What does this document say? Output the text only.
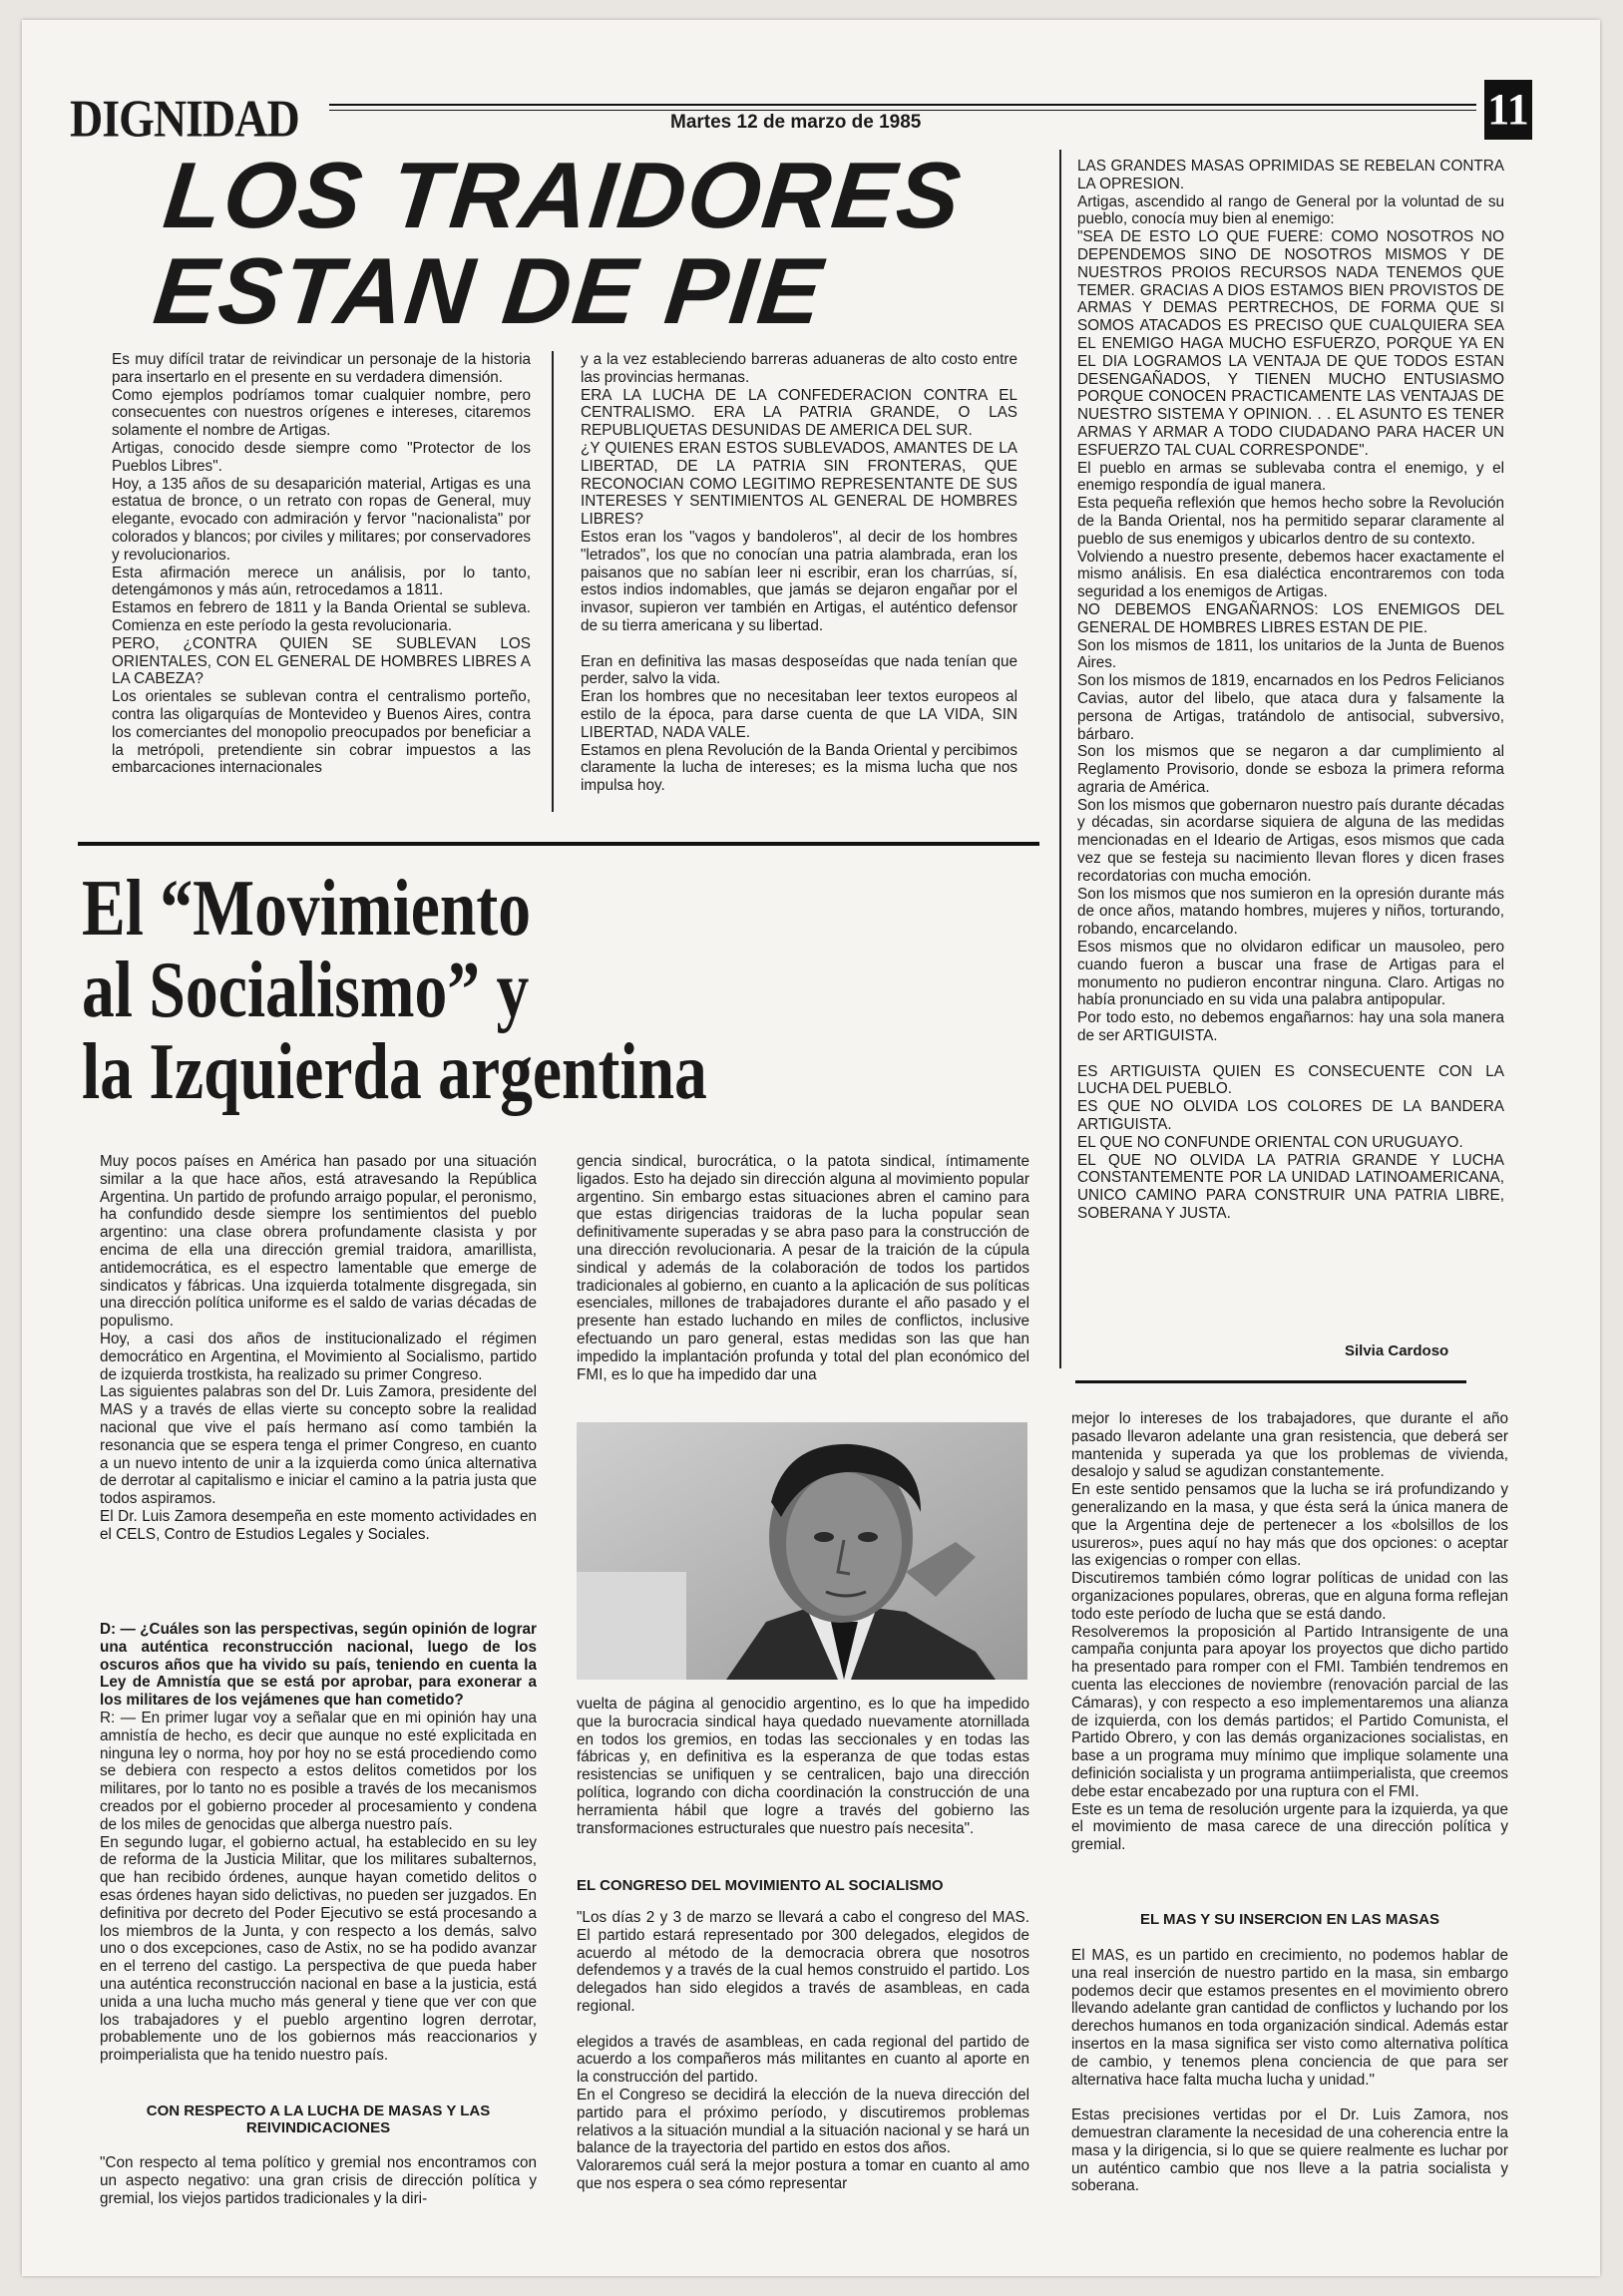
DIGNIDAD	Martes 12 de marzo de 1985	11
LOS TRAIDORES
ESTAN DE PIE
Es muy difícil tratar de reivindicar un personaje de la historia para insertarlo en el presente en su verdadera dimensión.
Como ejemplos podríamos tomar cualquier nombre, pero consecuentes con nuestros orígenes e intereses, citaremos solamente el nombre de Artigas.
Artigas, conocido desde siempre como "Protector de los Pueblos Libres".
Hoy, a 135 años de su desaparición material, Artigas es una estatua de bronce, o un retrato con ropas de General, muy elegante, evocado con admiración y fervor "nacionalista" por colorados y blancos; por civiles y militares; por conservadores y revolucionarios.
Esta afirmación merece un análisis, por lo tanto, detengámonos y más aún, retrocedamos a 1811.
Estamos en febrero de 1811 y la Banda Oriental se subleva. Comienza en este período la gesta revolucionaria.
PERO, ¿CONTRA QUIEN SE SUBLEVAN LOS ORIENTALES, CON EL GENERAL DE HOMBRES LIBRES A LA CABEZA?
Los orientales se sublevan contra el centralismo porteño, contra las oligarquías de Montevideo y Buenos Aires, contra los comerciantes del monopolio preocupados por beneficiar a la metrópoli, pretendiente sin cobrar impuestos a las embarcaciones internacionales
y a la vez estableciendo barreras aduaneras de alto costo entre las provincias hermanas.
ERA LA LUCHA DE LA CONFEDERACION CONTRA EL CENTRALISMO. ERA LA PATRIA GRANDE, O LAS REPUBLIQUETAS DESUNIDAS DE AMERICA DEL SUR.
¿Y QUIENES ERAN ESTOS SUBLEVADOS, AMANTES DE LA LIBERTAD, DE LA PATRIA SIN FRONTERAS, QUE RECONOCIAN COMO LEGITIMO REPRESENTANTE DE SUS INTERESES Y SENTIMIENTOS AL GENERAL DE HOMBRES LIBRES?
Estos eran los "vagos y bandoleros", al decir de los hombres "letrados", los que no conocían una patria alambrada, eran los paisanos que no sabían leer ni escribir, eran los charrúas, sí, estos indios indomables, que jamás se dejaron engañar por el invasor, supieron ver también en Artigas, el auténtico defensor de su tierra americana y su libertad.

Eran en definitiva las masas desposeídas que nada tenían que perder, salvo la vida.
Eran los hombres que no necesitaban leer textos europeos al estilo de la época, para darse cuenta de que LA VIDA, SIN LIBERTAD, NADA VALE.
Estamos en plena Revolución de la Banda Oriental y percibimos claramente la lucha de intereses; es la misma lucha que nos impulsa hoy.
LAS GRANDES MASAS OPRIMIDAS SE REBELAN CONTRA LA OPRESION.
Artigas, ascendido al rango de General por la voluntad de su pueblo, conocía muy bien al enemigo:
"SEA DE ESTO LO QUE FUERE: COMO NOSOTROS NO DEPENDEMOS SINO DE NOSOTROS MISMOS Y DE NUESTROS PROIOS RECURSOS NADA TENEMOS QUE TEMER. GRACIAS A DIOS ESTAMOS BIEN PROVISTOS DE ARMAS Y DEMAS PERTRECHOS, DE FORMA QUE SI SOMOS ATACADOS ES PRECISO QUE CUALQUIERA SEA EL ENEMIGO HAGA MUCHO ESFUERZO, PORQUE YA EN EL DIA LOGRAMOS LA VENTAJA DE QUE TODOS ESTAN DESENGAÑADOS, Y TIENEN MUCHO ENTUSIASMO PORQUE CONOCEN PRACTICAMENTE LAS VENTAJAS DE NUESTRO SISTEMA Y OPINION. . . EL ASUNTO ES TENER ARMAS Y ARMAR A TODO CIUDADANO PARA HACER UN ESFUERZO TAL CUAL CORRESPONDE".
El pueblo en armas se sublevaba contra el enemigo, y el enemigo respondía de igual manera.
Esta pequeña reflexión que hemos hecho sobre la Revolución de la Banda Oriental, nos ha permitido separar claramente al pueblo de sus enemigos y ubicarlos dentro de su contexto.
Volviendo a nuestro presente, debemos hacer exactamente el mismo análisis. En esa dialéctica encontraremos con toda seguridad a los enemigos de Artigas.
NO DEBEMOS ENGAÑARNOS: LOS ENEMIGOS DEL GENERAL DE HOMBRES LIBRES ESTAN DE PIE.
Son los mismos de 1811, los unitarios de la Junta de Buenos Aires.
Son los mismos de 1819, encarnados en los Pedros Felicianos Cavias, autor del libelo, que ataca dura y falsamente la persona de Artigas, tratándolo de antisocial, subversivo, bárbaro.
Son los mismos que se negaron a dar cumplimiento al Reglamento Provisorio, donde se esboza la primera reforma agraria de América.
Son los mismos que gobernaron nuestro país durante décadas y décadas, sin acordarse siquiera de alguna de las medidas mencionadas en el Ideario de Artigas, esos mismos que cada vez que se festeja su nacimiento llevan flores y dicen frases recordatorias con mucha emoción.
Son los mismos que nos sumieron en la opresión durante más de once años, matando hombres, mujeres y niños, torturando, robando, encarcelando.
Esos mismos que no olvidaron edificar un mausoleo, pero cuando fueron a buscar una frase de Artigas para el monumento no pudieron encontrar ninguna. Claro. Artigas no había pronunciado en su vida una palabra antipopular.
Por todo esto, no debemos engañarnos: hay una sola manera de ser ARTIGUISTA.

ES ARTIGUISTA QUIEN ES CONSECUENTE CON LA LUCHA DEL PUEBLO.
ES QUE NO OLVIDA LOS COLORES DE LA BANDERA ARTIGUISTA.
EL QUE NO CONFUNDE ORIENTAL CON URUGUAYO.
EL QUE NO OLVIDA LA PATRIA GRANDE Y LUCHA CONSTANTEMENTE POR LA UNIDAD LATINOAMERICANA, UNICO CAMINO PARA CONSTRUIR UNA PATRIA LIBRE, SOBERANA Y JUSTA.
Silvia Cardoso
El “Movimiento
al Socialismo” y
la Izquierda argentina
Muy pocos países en América han pasado por una situación similar a la que hace años, está atravesando la República Argentina. Un partido de profundo arraigo popular, el peronismo, ha confundido desde siempre los sentimientos del pueblo argentino: una clase obrera profundamente clasista y por encima de ella una dirección gremial traidora, amarillista, antidemocrática, es el espectro lamentable que emerge de sindicatos y fábricas. Una izquierda totalmente disgregada, sin una dirección política uniforme es el saldo de varias décadas de populismo.
Hoy, a casi dos años de institucionalizado el régimen democrático en Argentina, el Movimiento al Socialismo, partido de izquierda trostkista, ha realizado su primer Congreso.
Las siguientes palabras son del Dr. Luis Zamora, presidente del MAS y a través de ellas vierte su concepto sobre la realidad nacional que vive el país hermano así como también la resonancia que se espera tenga el primer Congreso, en cuanto a un nuevo intento de unir a la izquierda como única alternativa de derrotar al capitalismo e iniciar el camino a la patria justa que todos aspiramos.
El Dr. Luis Zamora desempeña en este momento actividades en el CELS, Contro de Estudios Legales y Sociales.
D: — ¿Cuáles son las perspectivas, según opinión de lograr una auténtica reconstrucción nacional, luego de los oscuros años que ha vivido su país, teniendo en cuenta la Ley de Amnistía que se está por aprobar, para exonerar a los militares de los vejámenes que han cometido?
R: — En primer lugar voy a señalar que en mi opinión hay una amnistía de hecho, es decir que aunque no esté explicitada en ninguna ley o norma, hoy por hoy no se está procediendo como se debiera con respecto a estos delitos cometidos por los militares, por lo tanto no es posible a través de los mecanismos creados por el gobierno proceder al procesamiento y condena de los miles de genocidas que alberga nuestro país.
En segundo lugar, el gobierno actual, ha establecido en su ley de reforma de la Justicia Militar, que los militares subalternos, que han recibido órdenes, aunque hayan cometido delitos o esas órdenes hayan sido delictivas, no pueden ser juzgados. En definitiva por decreto del Poder Ejecutivo se está procesando a los miembros de la Junta, y con respecto a los demás, salvo uno o dos excepciones, caso de Astix, no se ha podido avanzar en el terreno del castigo. La perspectiva de que pueda haber una auténtica reconstrucción nacional en base a la justicia, está unida a una lucha mucho más general y tiene que ver con que los trabajadores y el pueblo argentino logren derrotar, probablemente uno de los gobiernos más reaccionarios y proimperialista que ha tenido nuestro país.
CON RESPECTO A LA LUCHA DE MASAS Y LAS REIVINDICACIONES
"Con respecto al tema político y gremial nos encontramos con un aspecto negativo: una gran crisis de dirección política y gremial, los viejos partidos tradicionales y la diri-
gencia sindical, burocrática, o la patota sindical, íntimamente ligados. Esto ha dejado sin dirección alguna al movimiento popular argentino. Sin embargo estas situaciones abren el camino para que estas dirigencias traidoras de la lucha popular sean definitivamente superadas y se abra paso para la construcción de una dirección revolucionaria. A pesar de la traición de la cúpula sindical y además de la colaboración de todos los partidos tradicionales al gobierno, en cuanto a la aplicación de sus políticas esenciales, millones de trabajadores durante el año pasado y el presente han estado luchando en miles de conflictos, inclusive efectuando un paro general, estas medidas son las que han impedido la implantación profunda y total del plan económico del FMI, es lo que ha impedido dar una
vuelta de página al genocidio argentino, es lo que ha impedido que la burocracia sindical haya quedado nuevamente atornillada en todos los gremios, en todas las seccionales y en todas las fábricas y, en definitiva es la esperanza de que todas estas resistencias se unifiquen y se centralicen, bajo una dirección política, logrando con dicha coordinación la construcción de una herramienta hábil que logre a través del gobierno las transformaciones estructurales que nuestro país necesita".
EL CONGRESO DEL MOVIMIENTO AL SOCIALISMO
"Los días 2 y 3 de marzo se llevará a cabo el congreso del MAS. El partido estará representado por 300 delegados, elegidos de acuerdo al método de la democracia obrera que nosotros defendemos y a través de la cual hemos construido el partido. Los delegados han sido elegidos a través de asambleas, en cada regional.

elegidos a través de asambleas, en cada regional del partido de acuerdo a los compañeros más militantes en cuanto al aporte en la construcción del partido.
En el Congreso se decidirá la elección de la nueva dirección del partido para el próximo período, y discutiremos problemas relativos a la situación mundial a la situación nacional y se hará un balance de la trayectoria del partido en estos dos años.
Valoraremos cuál será la mejor postura a tomar en cuanto al amo que nos espera o sea cómo representar
mejor lo intereses de los trabajadores, que durante el año pasado llevaron adelante una gran resistencia, que deberá ser mantenida y superada ya que los problemas de vivienda, desalojo y salud se agudizan constantemente.
En este sentido pensamos que la lucha se irá profundizando y generalizando en la masa, y que ésta será la única manera de que la Argentina deje de pertenecer a los «bolsillos de los usureros», pues aquí no hay más que dos opciones: o aceptar las exigencias o romper con ellas.
Discutiremos también cómo lograr políticas de unidad con las organizaciones populares, obreras, que en alguna forma reflejan todo este período de lucha que se está dando.
Resolveremos la proposición al Partido Intransigente de una campaña conjunta para apoyar los proyectos que dicho partido ha presentado para romper con el FMI. También tendremos en cuenta las elecciones de noviembre (renovación parcial de las Cámaras), y con respecto a eso implementaremos una alianza de izquierda, con los demás partidos; el Partido Comunista, el Partido Obrero, y con las demás organizaciones socialistas, en base a un programa muy mínimo que implique solamente una definición socialista y un programa antiimperialista, que creemos debe estar encabezado por una ruptura con el FMI.
Este es un tema de resolución urgente para la izquierda, ya que el movimiento de masa carece de una dirección política y gremial.
EL MAS Y SU INSERCION EN LAS MASAS
El MAS, es un partido en crecimiento, no podemos hablar de una real inserción de nuestro partido en la masa, sin embargo podemos decir que estamos presentes en el movimiento obrero llevando adelante gran cantidad de conflictos y luchando por los derechos humanos en toda organización sindical. Además estar insertos en la masa significa ser visto como alternativa política de cambio, y tenemos plena conciencia de que para ser alternativa hace falta mucha lucha y unidad."

Estas precisiones vertidas por el Dr. Luis Zamora, nos demuestran claramente la necesidad de una coherencia entre la masa y la dirigencia, si lo que se quiere realmente es luchar por un auténtico cambio que nos lleve a la patria socialista y soberana.
